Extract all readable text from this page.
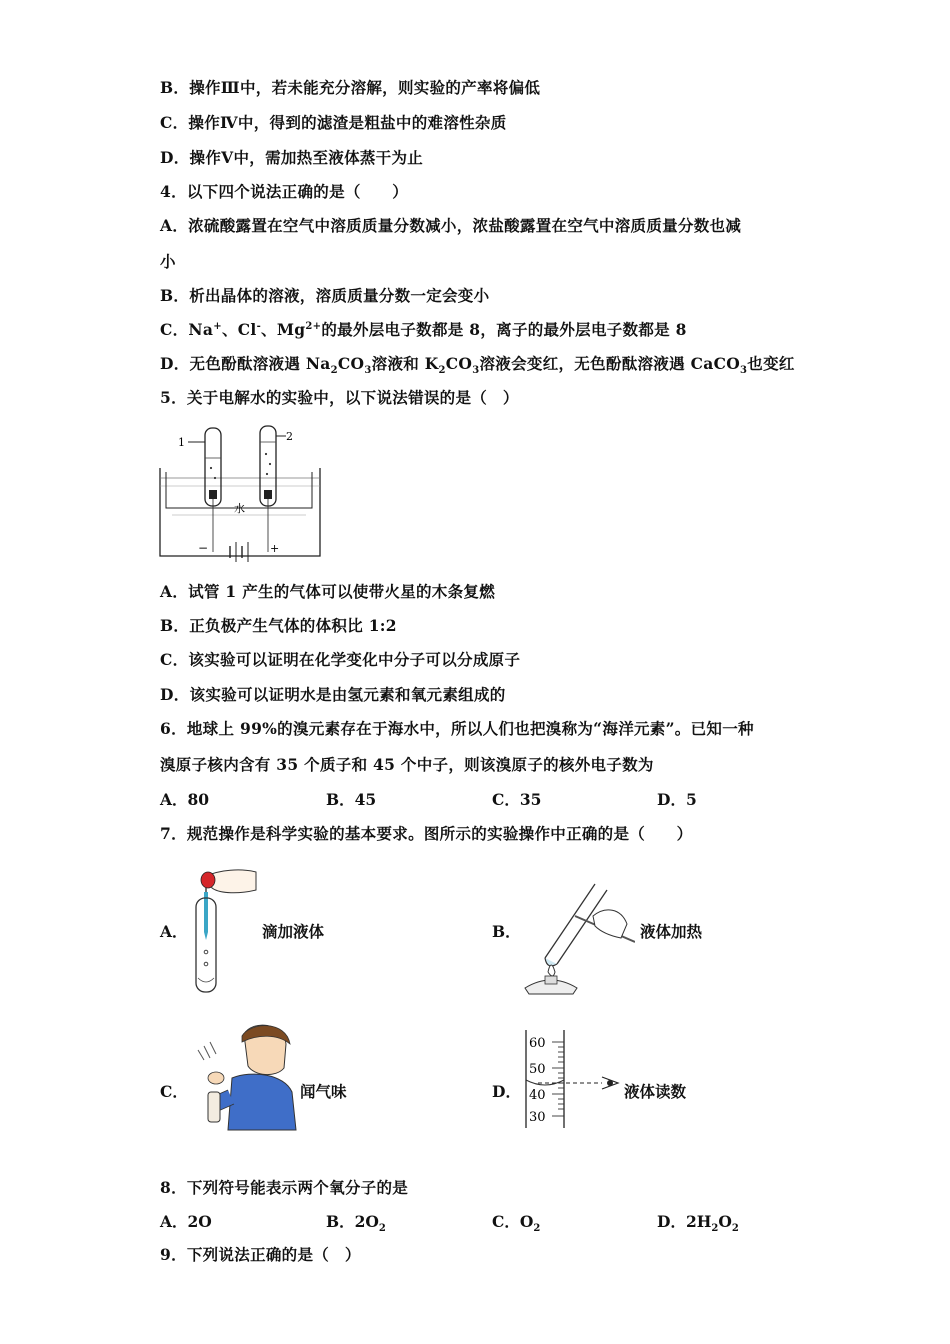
B．操作Ⅲ中，若未能充分溶解，则实验的产率将偏低
C．操作Ⅳ中，得到的滤渣是粗盐中的难溶性杂质
D．操作Ⅴ中，需加热至液体蒸干为止
4．以下四个说法正确的是（　　）
A．浓硫酸露置在空气中溶质质量分数减小，浓盐酸露置在空气中溶质质量分数也减
小
B．析出晶体的溶液，溶质质量分数一定会变小
C．Na+、Cl-、$Mg^{2+}$的最外层电子数都是 8，离子的最外层电子数都是 8
D．无色酚酞溶液遇 $Na_2CO_3$溶液和 $K_2CO_3$溶液会变红，无色酚酞溶液遇 CaCO$_3$也变红
5．关于电解水的实验中，以下说法错误的是（　）
1	2
水
−	+
A．试管 1 产生的气体可以使带火星的木条复燃
B．正负极产生气体的体积比 1:2
C．该实验可以证明在化学变化中分子可以分成原子
D．该实验可以证明水是由氢元素和氧元素组成的
6．地球上 99%的溴元素存在于海水中，所以人们也把溴称为“海洋元素”。已知一种
溴原子核内含有 35 个质子和 45 个中子，则该溴原子的核外电子数为
A．80	B．45	C．35	D．5
7．规范操作是科学实验的基本要求。图所示的实验操作中正确的是（　　）
A．	滴加液体	B．	液体加热
C．	闻气味	D．
60
50
40
30
液体读数
8．下列符号能表示两个氧分子的是
A．2O	B．$2O_2$	C．$O_2$	D．$2H_2O_2$
9．下列说法正确的是（　）
